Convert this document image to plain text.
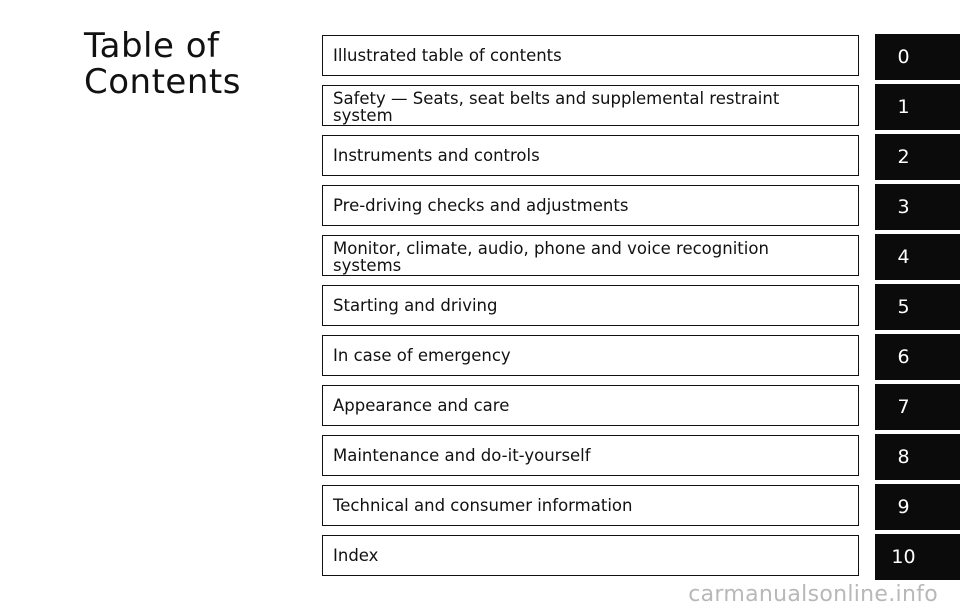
Table of
Contents
Illustrated table of contents	0
Safety — Seats, seat belts and supplemental restraint
system	1
Instruments and controls	2
Pre-driving checks and adjustments	3
Monitor, climate, audio, phone and voice recognition
systems	4
Starting and driving	5
In case of emergency	6
Appearance and care	7
Maintenance and do-it-yourself	8
Technical and consumer information	9
Index	10
carmanualsonline.info
